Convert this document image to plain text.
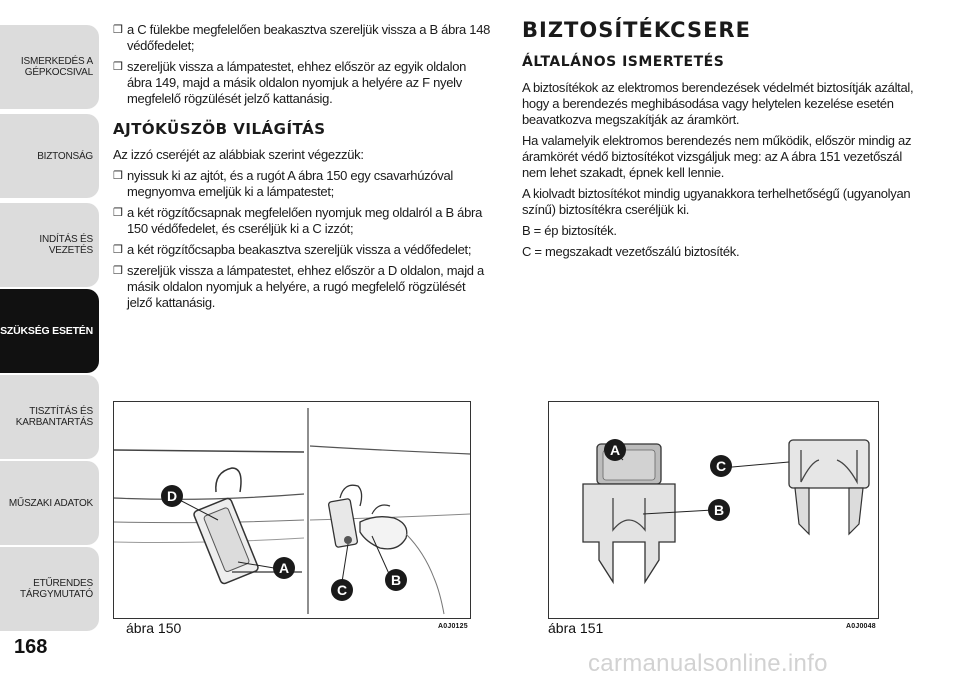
ISMERKEDÉS A
GÉPKOCSIVAL
BIZTONSÁG
INDÍTÁS ÉS VEZETÉS
SZÜKSÉG ESETÉN
TISZTÍTÁS ÉS
KARBANTARTÁS
MŰSZAKI ADATOK
ETŰRENDES
TÁRGYMUTATÓ
168
❒ a C fülekbe megfelelően beakasztva szereljük vissza a B ábra 148 védőfedelet;
❒ szereljük vissza a lámpatestet, ehhez először az egyik oldalon ábra 149, majd a másik oldalon nyomjuk a helyére az F nyelv megfelelő rögzülését jelző kattanásig.
AJTÓKÜSZÖB VILÁGÍTÁS
Az izzó cseréjét az alábbiak szerint végezzük:
❒ nyissuk ki az ajtót, és a rugót A ábra 150 egy csavarhúzóval megnyomva emeljük ki a lámpatestet;
❒ a két rögzítőcsapnak megfelelően nyomjuk meg oldalról a B ábra 150 védőfedelet, és cseréljük ki a C izzót;
❒ a két rögzítőcsapba beakasztva szereljük vissza a védőfedelet;
❒ szereljük vissza a lámpatestet, ehhez először a D oldalon, majd a másik oldalon nyomjuk a helyére, a rugó megfelelő rögzülését jelző kattanásig.
BIZTOSÍTÉKCSERE
ÁLTALÁNOS ISMERTETÉS
A biztosítékok az elektromos berendezések védelmét biztosítják azáltal, hogy a berendezés meghibásodása vagy helytelen kezelése esetén beavatkozva megszakítják az áramkört.
Ha valamelyik elektromos berendezés nem működik, először mindig az áramkörét védő biztosítékot vizsgáljuk meg: az A ábra 151 vezetőszál nem lehet szakadt, épnek kell lennie.
A kiolvadt biztosítékot mindig ugyanakkora terhelhetőségű (ugyanolyan színű) biztosítékra cseréljük ki.
B = ép biztosíték.
C = megszakadt vezetőszálú biztosíték.
D
A
C
B
ábra 150	A0J0125
A
C
B
ábra 151	A0J0048
carmanualsonline.info
